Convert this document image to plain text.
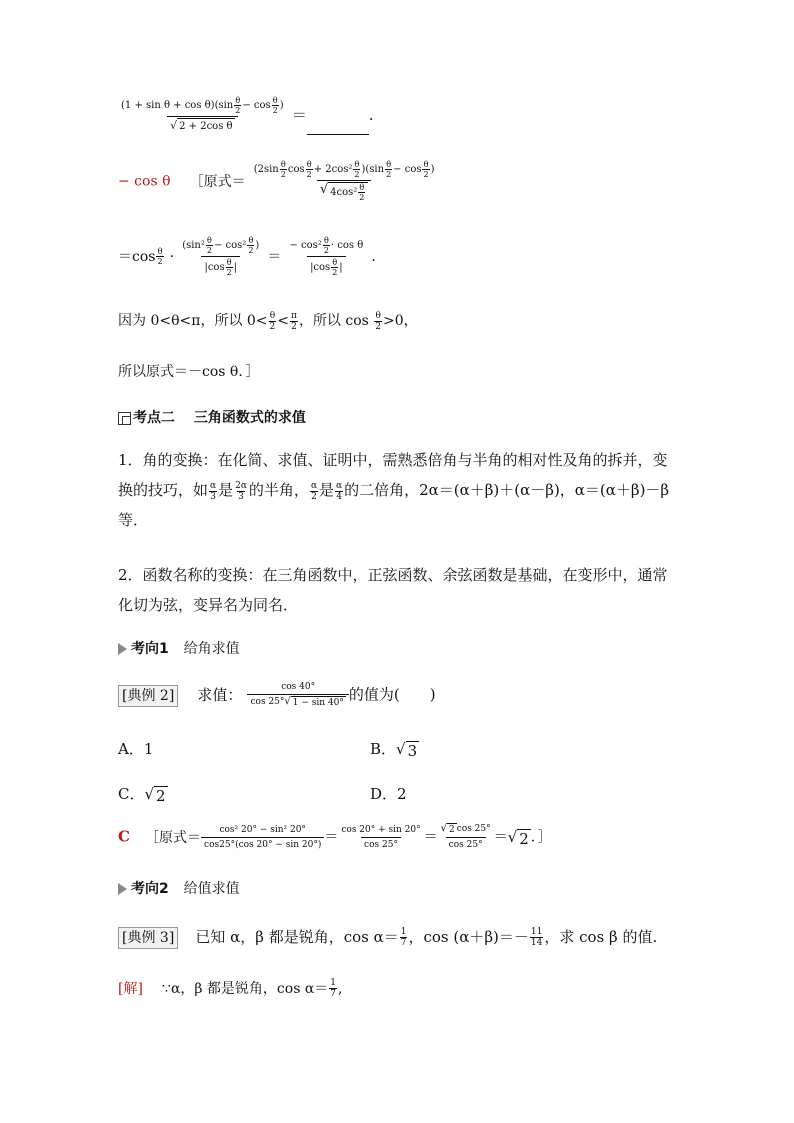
$\frac{(1 + \sin \theta + \cos \theta)(\sin \frac{\theta}{2} - \cos \frac{\theta}{2} )}{\text{√ 2 + 2cos θ}}$ ＝	.
− cos θ ［原式＝ $\frac{(2\sin \frac{\theta}{2} \cos \frac{\theta}{2} + 2\cos^2 \frac{\theta}{2} )(\sin \frac{\theta}{2} - \cos \frac{\theta}{2} )}{√ 4\cos^2 \frac{\theta}{2}}$
$=\cos \frac{\theta}{2} \cdot \frac{(\sin^2 \frac{\theta}{2} - \cos^2 \frac{\theta}{2} )}{|\cos \frac{\theta}{2} |} = \frac{- \cos^2 \frac{\theta}{2} \cdot \cos \theta}{|\cos \frac{\theta}{2} |}$ .
因为 0<θ<π，所以 $0< \frac{\theta}{2} < \frac{\pi}{2}$ ，所以 $\cos \frac{\theta}{2} >0$，
所以原式＝－cos θ．］
考点二 三角函数式的求值
1．角的变换：在化简、求值、证明中，需熟悉倍角与半角的相对性及角的拆并，变换的技巧，如 $\frac{\alpha}{3}$ 是 $\frac{2\alpha}{3}$ 的半角， $\frac{\alpha}{2}$ 是 $\frac{\alpha}{4}$ 的二倍角，2α＝(α＋β)＋(α－β)，α＝(α＋β)－β等．
2．函数名称的变换：在三角函数中，正弦函数、余弦函数是基础，在变形中，通常化切为弦，变异名为同名．
考向1 给角求值
[典例 2] 求值： $\frac{\cos 40^\circ}{\cos 25^\circ √ 1 - \sin 40^\circ}$ 的值为(　　)
A．1	B． √ 3
C． √ 2	D．2
C ［原式＝ $\frac{\text{cos² 20° − sin² 20°}}{\cos 25^\circ(\cos 20^\circ - \sin 20^\circ)} = \frac{\cos 20^\circ + \sin 20^\circ}{\cos 25^\circ} = \frac{√ 2 \cos 25^\circ}{\cos 25^\circ}$ ＝ √ 2 ．］
考向2 给值求值
[典例 3] 已知 α，β 都是锐角，$\cos \alpha= \frac{1}{7}$ ，$\cos (\alpha+\beta)=- \frac{11}{14}$ ，求 cos β 的值.
[解] ∵α，β 都是锐角，$\cos \alpha= \frac{1}{7}$ ,
